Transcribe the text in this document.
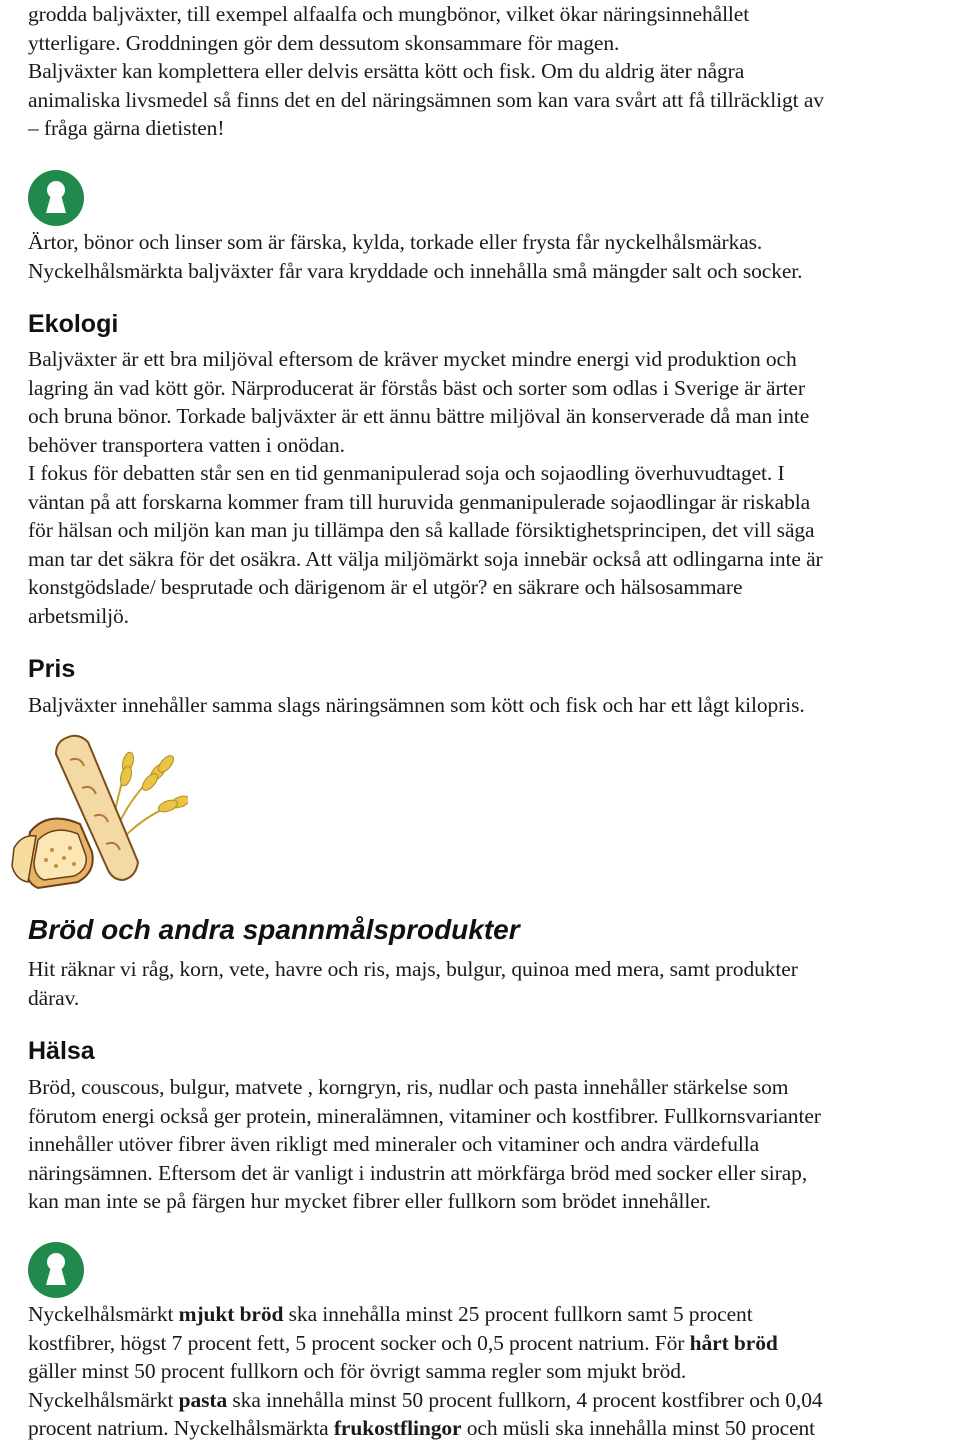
grodda baljväxter, till exempel alfaalfa och mungbönor, vilket ökar näringsinnehållet

ytterligare. Groddningen gör dem dessutom skonsammare för magen.

Baljväxter kan komplettera eller delvis ersätta kött och fisk. Om du aldrig äter några

animaliska livsmedel så finns det en del näringsämnen som kan vara svårt att få tillräckligt av

– fråga gärna dietisten!

Ärtor, bönor och linser som är färska, kylda, torkade eller frysta får nyckelhålsmärkas.

Nyckelhålsmärkta baljväxter får vara kryddade och innehålla små mängder salt och socker.

Ekologi

Baljväxter är ett bra miljöval eftersom de kräver mycket mindre energi vid produktion och

lagring än vad kött gör. Närproducerat är förstås bäst och sorter som odlas i Sverige är ärter

och bruna bönor. Torkade baljväxter är ett ännu bättre miljöval än konserverade då man inte

behöver transportera vatten i onödan.

I fokus för debatten står sen en tid genmanipulerad soja och sojaodling överhuvudtaget. I

väntan på att forskarna kommer fram till huruvida genmanipulerade sojaodlingar är riskabla

för hälsan och miljön kan man ju tillämpa den så kallade försiktighetsprincipen, det vill säga

man tar det säkra för det osäkra. Att välja miljömärkt soja innebär också att odlingarna inte är

konstgödslade/ besprutade och därigenom är el utgör? en säkrare och hälsosammare

arbetsmiljö.

Pris

Baljväxter innehåller samma slags näringsämnen som kött och fisk och har ett lågt kilopris.

Bröd och andra spannmålsprodukter

Hit räknar vi råg, korn, vete, havre och ris, majs, bulgur, quinoa med mera, samt produkter

därav.

Hälsa

Bröd, couscous, bulgur, matvete , korngryn, ris, nudlar och pasta innehåller stärkelse som

förutom energi också ger protein, mineralämnen, vitaminer och kostfibrer. Fullkornsvarianter

innehåller utöver fibrer även rikligt med mineraler och vitaminer och andra värdefulla

näringsämnen. Eftersom det är vanligt i industrin att mörkfärga bröd med socker eller sirap,

kan man inte se på färgen hur mycket fibrer eller fullkorn som brödet innehåller.

Nyckelhålsmärkt mjukt bröd ska innehålla minst 25 procent fullkorn samt 5 procent

kostfibrer, högst 7 procent fett, 5 procent socker och 0,5 procent natrium. För hårt bröd

gäller minst 50 procent fullkorn och för övrigt samma regler som mjukt bröd.

Nyckelhålsmärkt pasta ska innehålla minst 50 procent fullkorn, 4 procent kostfibrer och 0,04

procent natrium. Nyckelhålsmärkta frukostflingor och müsli ska innehålla minst 50 procent
